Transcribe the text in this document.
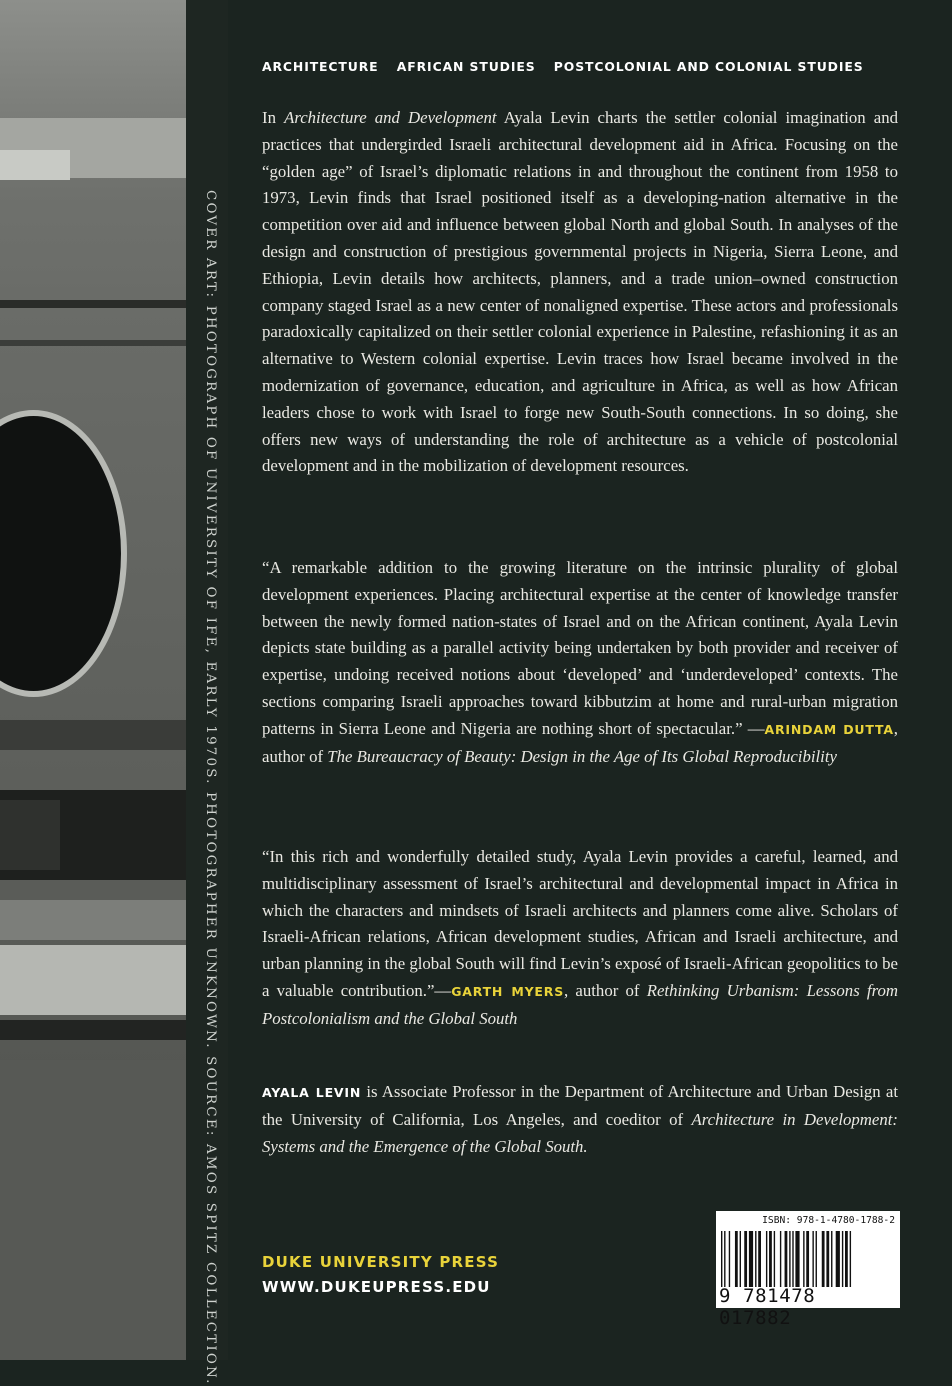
COVER ART: PHOTOGRAPH OF UNIVERSITY OF IFE, EARLY 1970S. PHOTOGRAPHER UNKNOWN. SOURCE: AMOS SPITZ COLLECTION.
ARCHITECTURE AFRICAN STUDIES POSTCOLONIAL AND COLONIAL STUDIES

In Architecture and Development Ayala Levin charts the settler colonial imagination and practices that undergirded Israeli architectural development aid in Africa. Focusing on the “golden age” of Israel’s diplomatic relations in and throughout the continent from 1958 to 1973, Levin finds that Israel positioned itself as a developing-nation alternative in the competition over aid and influence between global North and global South. In analyses of the design and construction of prestigious governmental projects in Nigeria, Sierra Leone, and Ethiopia, Levin details how architects, planners, and a trade union–owned construction company staged Israel as a new center of nonaligned expertise. These actors and professionals paradoxically capitalized on their settler colonial experience in Palestine, refashioning it as an alternative to Western colonial expertise. Levin traces how Israel became involved in the modernization of governance, education, and agriculture in Africa, as well as how African leaders chose to work with Israel to forge new South-South connections. In so doing, she offers new ways of understanding the role of architecture as a vehicle of postcolonial development and in the mobilization of development resources.

“A remarkable addition to the growing literature on the intrinsic plurality of global development experiences. Placing architectural expertise at the center of knowledge transfer between the newly formed nation-states of Israel and on the African continent, Ayala Levin depicts state building as a parallel activity being undertaken by both provider and receiver of expertise, undoing received notions about ‘developed’ and ‘underdeveloped’ contexts. The sections comparing Israeli approaches toward kibbutzim at home and rural-urban migration patterns in Sierra Leone and Nigeria are nothing short of spectacular.” —ARINDAM DUTTA, author of The Bureaucracy of Beauty: Design in the Age of Its Global Reproducibility

“In this rich and wonderfully detailed study, Ayala Levin provides a careful, learned, and multidisciplinary assessment of Israel’s architectural and developmental impact in Africa in which the characters and mindsets of Israeli architects and planners come alive. Scholars of Israeli-African relations, African development studies, African and Israeli architecture, and urban planning in the global South will find Levin’s exposé of Israeli-African geopolitics to be a valuable contribution.”—GARTH MYERS, author of Rethinking Urbanism: Lessons from Postcolonialism and the Global South

AYALA LEVIN is Associate Professor in the Department of Architecture and Urban Design at the University of California, Los Angeles, and coeditor of Architecture in Development: Systems and the Emergence of the Global South.

DUKE UNIVERSITY PRESS
WWW.DUKEUPRESS.EDU
ISBN: 978-1-4780-1788-2
9 781478 017882
